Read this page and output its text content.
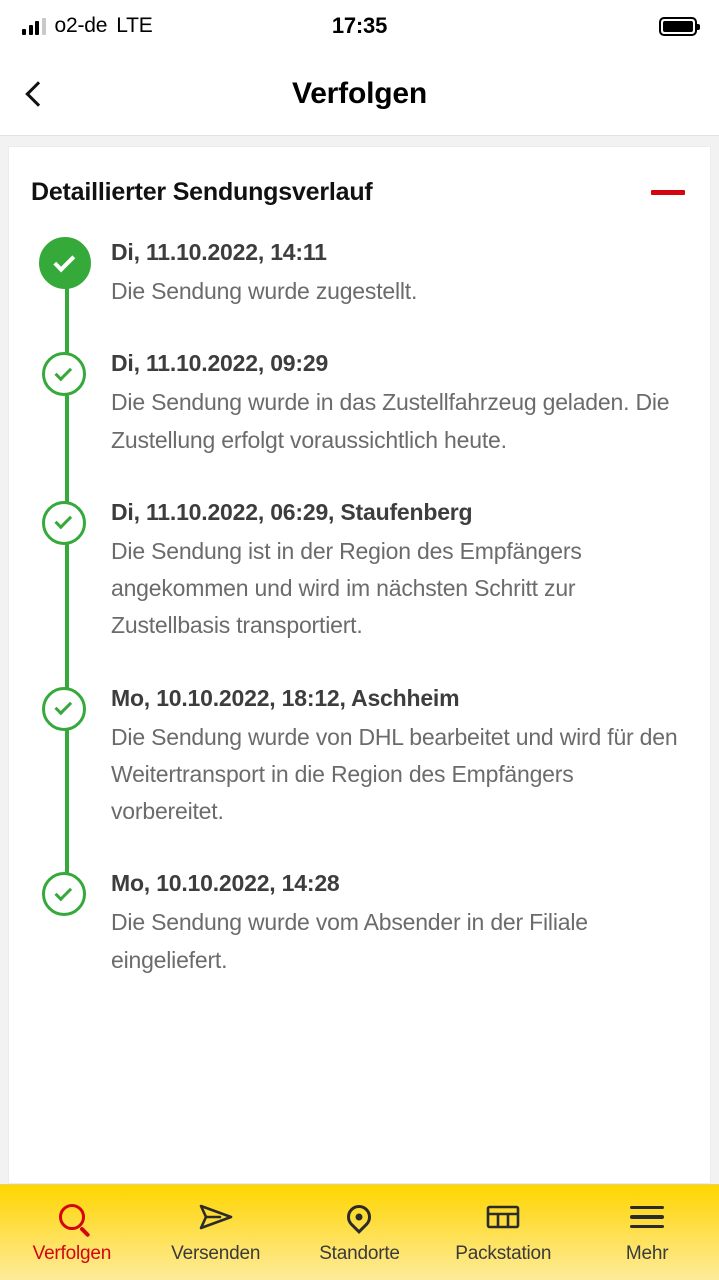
o2-de LTE	17:35
Verfolgen
Detaillierter Sendungsverlauf
Di, 11.10.2022, 14:11
Die Sendung wurde zugestellt.
Di, 11.10.2022, 09:29
Die Sendung wurde in das Zustellfahrzeug geladen. Die Zustellung erfolgt voraussichtlich heute.
Di, 11.10.2022, 06:29, Staufenberg
Die Sendung ist in der Region des Empfängers angekommen und wird im nächsten Schritt zur Zustellbasis transportiert.
Mo, 10.10.2022, 18:12, Aschheim
Die Sendung wurde von DHL bearbeitet und wird für den Weitertransport in die Region des Empfängers vorbereitet.
Mo, 10.10.2022, 14:28
Die Sendung wurde vom Absender in der Filiale eingeliefert.
Verfolgen	Versenden	Standorte	Packstation	Mehr
